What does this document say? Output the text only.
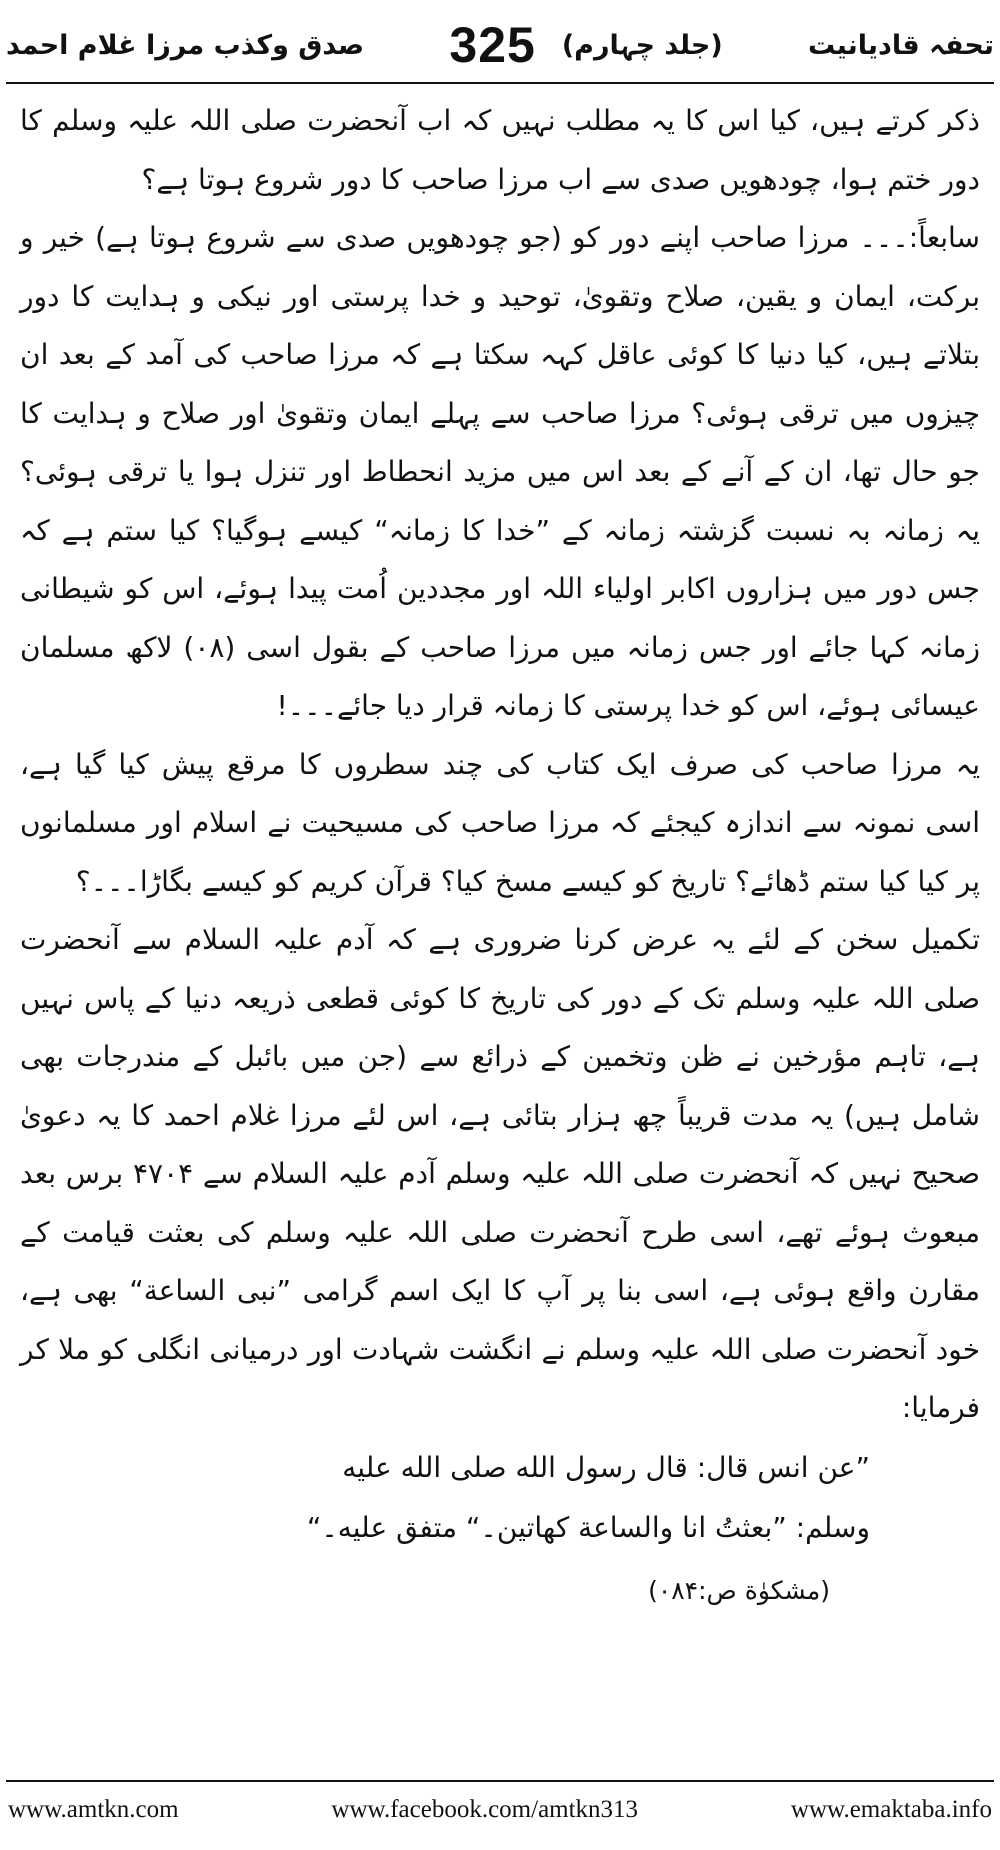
صدق وکذب مرزا غلام احمد 325 (جلد چہارم)	تحفہ قادیانیت

ذکر کرتے ہیں، کیا اس کا یہ مطلب نہیں کہ اب آنحضرت صلی اللہ علیہ وسلم کا دور ختم ہوا، چودھویں صدی سے اب مرزا صاحب کا دور شروع ہوتا ہے؟

سابعاً:۔۔۔ مرزا صاحب اپنے دور کو (جو چودھویں صدی سے شروع ہوتا ہے) خیر و برکت، ایمان و یقین، صلاح وتقویٰ، توحید و خدا پرستی اور نیکی و ہدایت کا دور بتلاتے ہیں، کیا دنیا کا کوئی عاقل کہہ سکتا ہے کہ مرزا صاحب کی آمد کے بعد ان چیزوں میں ترقی ہوئی؟ مرزا صاحب سے پہلے ایمان وتقویٰ اور صلاح و ہدایت کا جو حال تھا، ان کے آنے کے بعد اس میں مزید انحطاط اور تنزل ہوا یا ترقی ہوئی؟ یہ زمانہ بہ نسبت گزشتہ زمانہ کے ”خدا کا زمانہ“ کیسے ہوگیا؟ کیا ستم ہے کہ جس دور میں ہزاروں اکابر اولیاء اللہ اور مجددین اُمت پیدا ہوئے، اس کو شیطانی زمانہ کہا جائے اور جس زمانہ میں مرزا صاحب کے بقول اسی (۰۸) لاکھ مسلمان عیسائی ہوئے، اس کو خدا پرستی کا زمانہ قرار دیا جائے۔۔۔!

یہ مرزا صاحب کی صرف ایک کتاب کی چند سطروں کا مرقع پیش کیا گیا ہے، اسی نمونہ سے اندازہ کیجئے کہ مرزا صاحب کی مسیحیت نے اسلام اور مسلمانوں پر کیا کیا ستم ڈھائے؟ تاریخ کو کیسے مسخ کیا؟ قرآن کریم کو کیسے بگاڑا۔۔۔؟

تکمیل سخن کے لئے یہ عرض کرنا ضروری ہے کہ آدم علیہ السلام سے آنحضرت صلی اللہ علیہ وسلم تک کے دور کی تاریخ کا کوئی قطعی ذریعہ دنیا کے پاس نہیں ہے، تاہم مؤرخین نے ظن وتخمین کے ذرائع سے (جن میں بائبل کے مندرجات بھی شامل ہیں) یہ مدت قریباً چھ ہزار بتائی ہے، اس لئے مرزا غلام احمد کا یہ دعویٰ صحیح نہیں کہ آنحضرت صلی اللہ علیہ وسلم آدم علیہ السلام سے ۴۷۰۴ برس بعد مبعوث ہوئے تھے، اسی طرح آنحضرت صلی اللہ علیہ وسلم کی بعثت قیامت کے مقارن واقع ہوئی ہے، اسی بنا پر آپ کا ایک اسم گرامی ”نبی الساعة“ بھی ہے، خود آنحضرت صلی اللہ علیہ وسلم نے انگشت شہادت اور درمیانی انگلی کو ملا کر فرمایا:

”عن انس قال: قال رسول الله صلی الله علیه

وسلم: ”بعثتُ انا والساعة کهاتین۔“ متفق علیه۔“

(مشکوٰة ص:۰۸۴)

www.amtkn.com	www.facebook.com/amtkn313	www.emaktaba.info
